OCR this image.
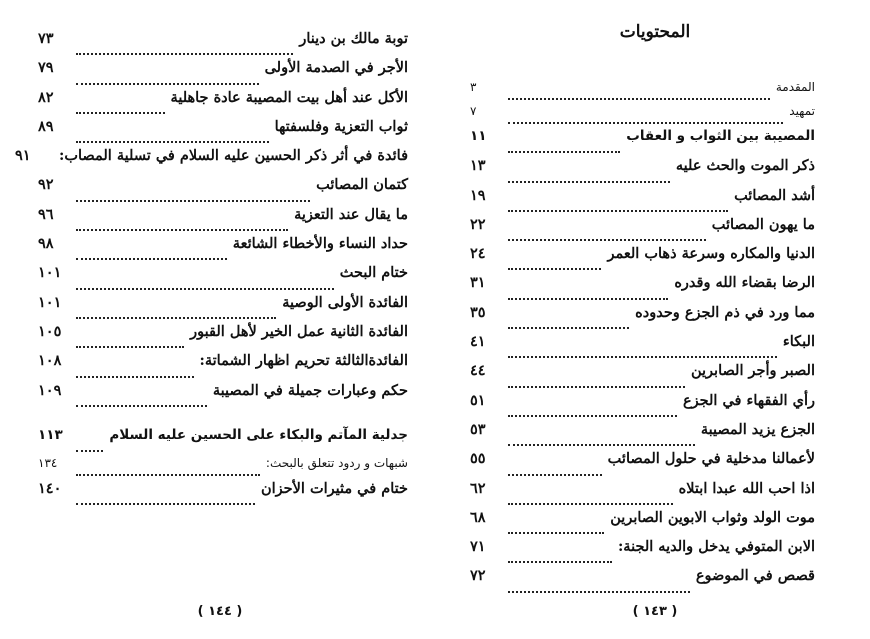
توبة مالك بن دينار
٧٣
الأجر في الصدمة الأولى
٧٩
الأكل عند أهل بيت المصيبة عادة جاهلية
٨٢
ثواب التعزية وفلسفتها
٨٩
فائدة في أثر ذكر الحسين عليه السلام في تسلية المصاب:
٩١
كتمان المصائب
٩٢
ما يقال عند التعزية
٩٦
حداد النساء والأخطاء الشائعة
٩٨
ختام البحث
١٠١
الفائدة الأولى الوصية
١٠١
الفائدة الثانية عمل الخير لأهل القبور
١٠٥
الفائدةالثالثة تحريم اظهار الشماتة:
١٠٨
حكم وعبارات جميلة في المصيبة
١٠٩
جدلية المآتم والبكاء على الحسين عليه السلام
١١٣
شبهات و ردود تتعلق بالبحث:
١٣٤
ختام في مثيرات الأحزان
١٤٠
( ١٤٤ )
المحتويات
المقدمة
٣
تمهيد
٧
المصيبة بين الثواب و العقاب
١١
ذكر الموت والحث عليه
١٣
أشد المصائب
١٩
ما يهون المصائب
٢٢
الدنيا والمكاره وسرعة ذهاب العمر
٢٤
الرضا بقضاء الله وقدره
٣١
مما ورد في ذم الجزع وحدوده
٣٥
البكاء
٤١
الصبر وأجر الصابرين
٤٤
رأي الفقهاء في الجزع
٥١
الجزع يزيد المصيبة
٥٣
لأعمالنا مدخلية في حلول المصائب
٥٥
اذا احب الله عبدا ابتلاه
٦٢
موت الولد وثواب الابوين الصابرين
٦٨
الابن المتوفي يدخل والديه الجنة:
٧١
قصص في الموضوع
٧٢
( ١٤٣ )
